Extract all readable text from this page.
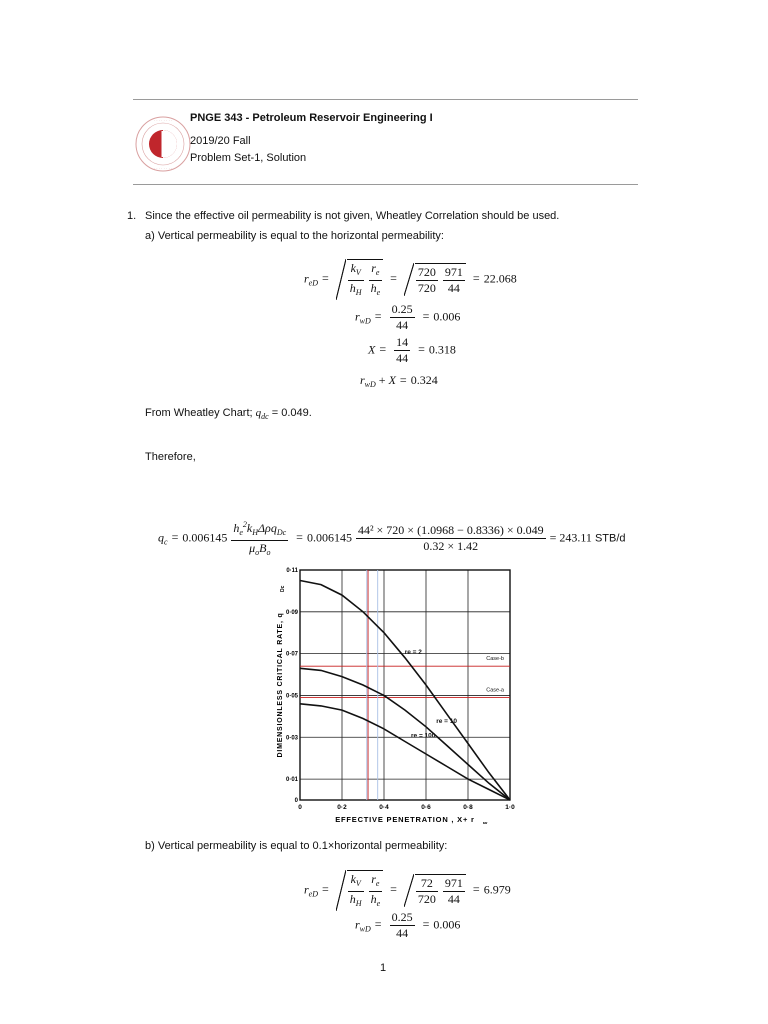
· · · · · · · ·
· · · · · · · ·
PNGE 343 - Petroleum Reservoir Engineering I
2019/20 Fall
Problem Set-1, Solution
1. Since the effective oil permeability is not given, Wheatley Correlation should be used.
a) Vertical permeability is equal to the horizontal permeability:
$r_{eD} = \frac{k_V}{h_H}$
$\frac{r_e}{h_e} = \frac{720}{720}$
$\frac{971}{44} = 22.068$
$r_{wD} = \frac{0.25}{44} = 0.006$
$X = \frac{14}{44} = 0.318$
$r_{wD} + X = 0.324$
From Wheatley Chart; $q_{dc} = 0.049$.
Therefore,
$q_c = 0.006145 \frac{h_e^2k_H\Delta\rho q_{Dc}}{\mu_oB_o} = 0.006145 \frac{\text{44² × 720 × (1.0968 − 0.8336) × 0.049}}{0.32 \times 1.42} = 243.11$ STB/d
Case-b
Case-a
re = 2
re = 10
re = 100
0	0·2	0·4	0·6	0·8	1·0
0
0·01
0·03
0·05
0·07
0·09
0·11
EFFECTIVE PENETRATION , X+ r w
DIMENSIONLESS CRITICAL RATE, q
Dc
b) Vertical permeability is equal to 0.1×horizontal permeability:
$r_{eD} = \frac{k_V}{h_H}$
$\frac{r_e}{h_e} = \frac{72}{720}$
$\frac{971}{44} = 6.979$
$r_{wD} = \frac{0.25}{44} = 0.006$
1
